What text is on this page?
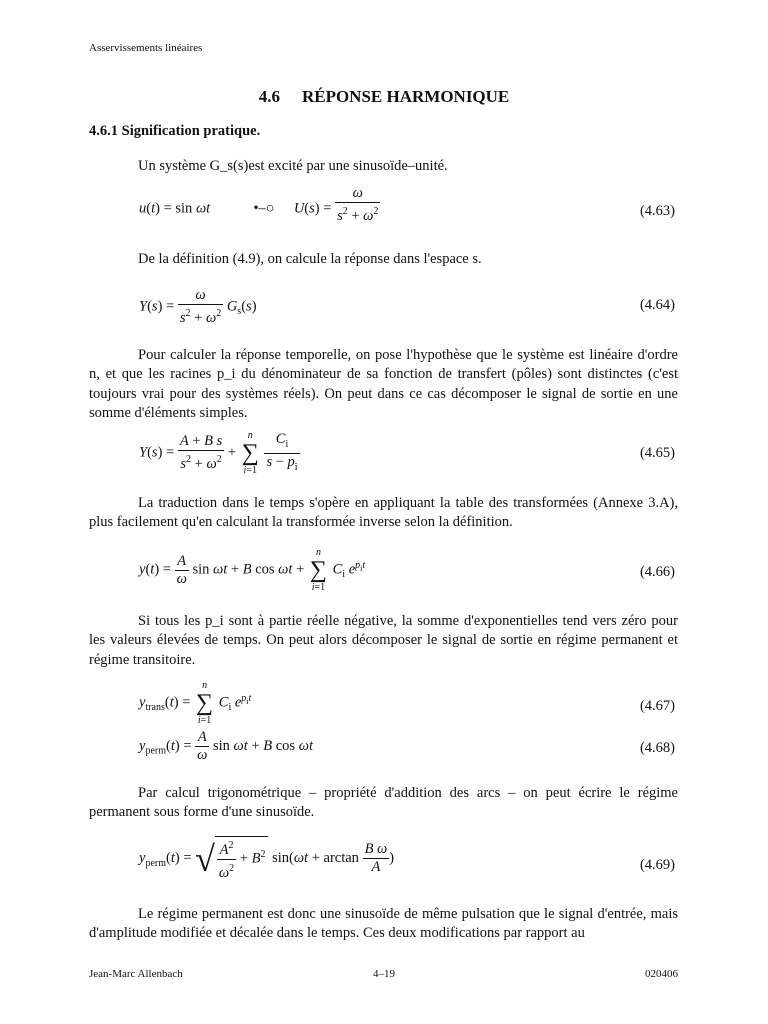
Asservissements linéaires
4.6 RÉPONSE HARMONIQUE
4.6.1 Signification pratique.

Un système G_s(s)est excité par une sinusoïde–unité.

u(t) = sin ωt	•–○ $U(s) = \frac{\omega}{s^2 + \omega^2}$	(4.63)

De la définition (4.9), on calcule la réponse dans l'espace s.

$Y(s) = \frac{\omega}{s^2 + \omega^2} G_s(s)$	(4.64)

Pour calculer la réponse temporelle, on pose l'hypothèse que le système est linéaire d'ordre n, et que les racines p_i du dénominateur de sa fonction de transfert (pôles) sont distinctes (c'est toujours vrai pour des systèmes réels). On peut dans ce cas décomposer le signal de sortie en une somme d'éléments simples.

$Y(s) = \frac{\text{A + B s}}{s^2 + \omega^2}$ +
n
∑
i=1
$\frac{C_i}{s - p_i}$	(4.65)

La traduction dans le temps s'opère en appliquant la table des transformées (Annexe 3.A), plus facilement qu'en calculant la transformée inverse selon la définition.

$y(t) = \frac{A}{\omega}$ sin ωt + B cos ωt +
n
∑
i=1
$C_i$ $e^{p_it}$	(4.66)

Si tous les p_i sont à partie réelle négative, la somme d'exponentielles tend vers zéro pour les valeurs élevées de temps. On peut alors décomposer le signal de sortie en régime permanent et régime transitoire.

$y_{trans}(t)$ =
n
∑
i=1
$C_i$ $e^{p_it}$	(4.67)
$y_{perm}(t) = \frac{A}{\omega}$ sin ωt + B cos ωt	(4.68)

Par calcul trigonométrique – propriété d'addition des arcs – on peut écrire le régime permanent sous forme d'une sinusoïde.

$y_{perm}(t)$ = √ $\frac{A^2}{\omega^2} + B^2$ $\sin(\omega t + \arctan \frac{\text{B ω}}{A}$ )	(4.69)

Le régime permanent est donc une sinusoïde de même pulsation que le signal d'entrée, mais d'amplitude modifiée et décalée dans le temps. Ces deux modifications par rapport au

Jean-Marc Allenbach	4–19	020406
